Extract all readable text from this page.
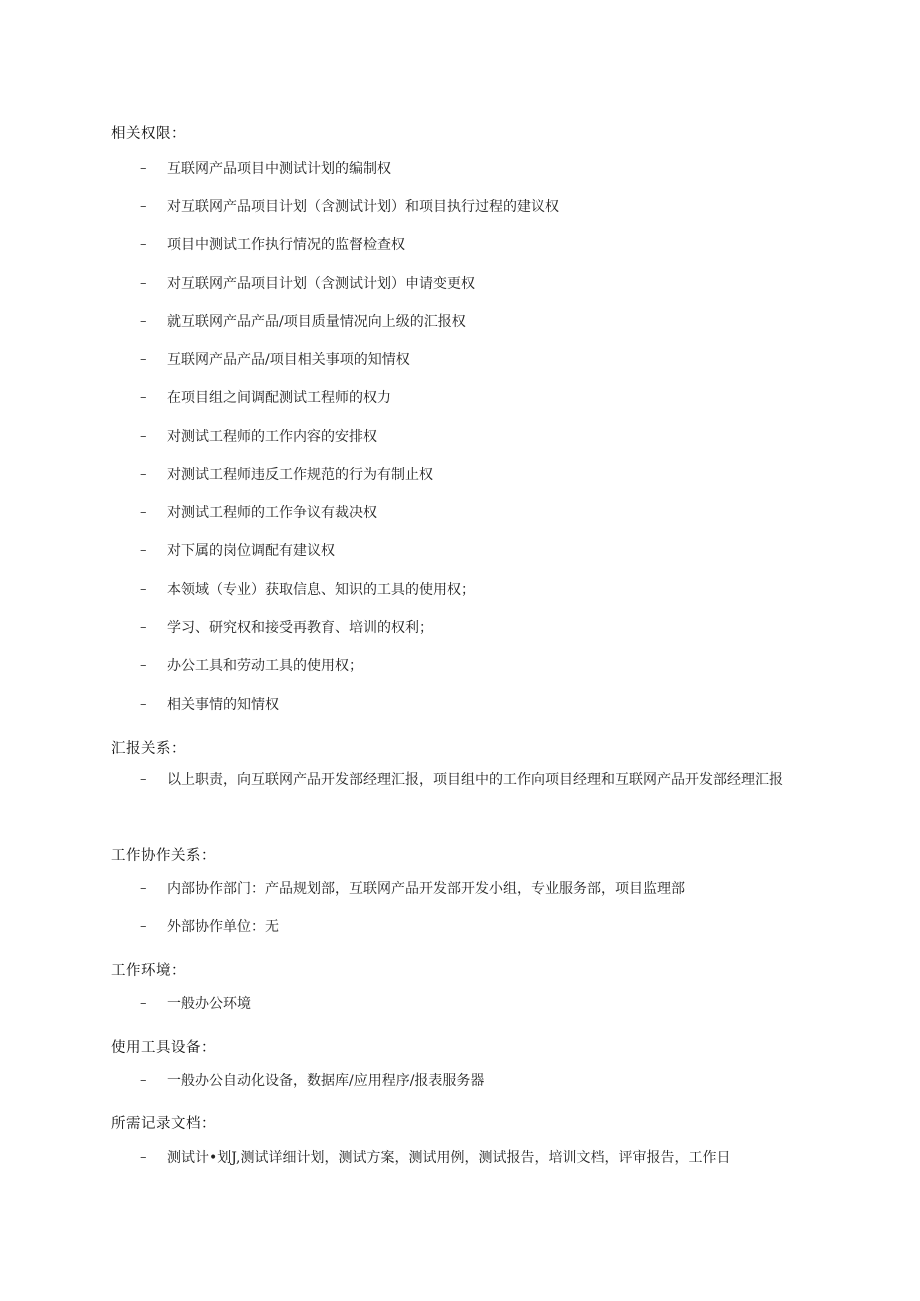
相关权限：
–	互联网产品项目中测试计划的编制权
–	对互联网产品项目计划（含测试计划）和项目执行过程的建议权
–	项目中测试工作执行情况的监督检查权
–	对互联网产品项目计划（含测试计划）申请变更权
–	就互联网产品产品/项目质量情况向上级的汇报权
–	互联网产品产品/项目相关事项的知情权
–	在项目组之间调配测试工程师的权力
–	对测试工程师的工作内容的安排权
–	对测试工程师违反工作规范的行为有制止权
–	对测试工程师的工作争议有裁决权
–	对下属的岗位调配有建议权
–	本领域（专业）获取信息、知识的工具的使用权；
–	学习、研究权和接受再教育、培训的权利；
–	办公工具和劳动工具的使用权；
–	相关事情的知情权
汇报关系：
–	以上职责，向互联网产品开发部经理汇报，项目组中的工作向项目经理和互联网产品开发部经理汇报
工作协作关系：
–	内部协作部门：产品规划部，互联网产品开发部开发小组，专业服务部，项目监理部
–	外部协作单位：无
工作环境：
–	一般办公环境
使用工具设备：
–	一般办公自动化设备，数据库/应用程序/报表服务器
所需记录文档：
–	测试计•划J,测试详细计划，测试方案，测试用例，测试报告，培训文档，评审报告，工作日
